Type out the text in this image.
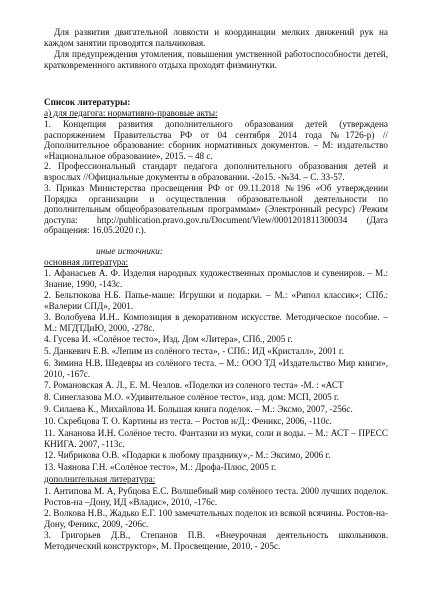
Для развития двигательной ловкости и координации мелких движений рук на каждом занятии проводятся пальчиковая.

Для предупреждения утомления, повышения умственной работоспособности детей, кратковременного активного отдыха проходят физминутки.

Список литературы:

а) для педагога: нормативно-правовые акты:

1. Концепция развития дополнительного образования детей (утверждена распоряжением Правительства РФ от 04 сентября 2014 года №1726-р) // Дополнительное образование: сборник нормативных документов. – М: издательство «Национальное образование», 2015. – 48 с.

2. Профессиональный стандарт педагога дополнительного образования детей и взрослых //Официальные документы в образовании. -2о15. -№34. – С. 33-57.

3. Приказ Министерства просвещения РФ от 09.11.2018 №196 «Об утверждении Порядка организации и осуществления образовательной деятельности по дополнительным общеобразовательным программам» (Электронный ресурс) /Режим доступа: http://publication.pravo.gov.ru/Document/View/0001201811300034 (Дата обращения: 16.05.2020 г.).

иные источники:

основная литература:

1. Афанасьев А. Ф. Изделия народных художественных промыслов и сувениров. – М.: Знание, 1990, -143с.

2. Бельтюкова Н.Б. Папье-маше: Игрушки и подарки. – М.: «Рипол классик»; СПб.: «Валерии СПД», 2001.

3. Волобуева И.Н.. Композиция в декоративном искусстве. Методическое пособие. – М.: МГДТДиЮ, 2000, -278с.

4. Гусева И. «Солёное тесто», Изд. Дом «Литера», СПб., 2005 г.

5. Данкевич Е.В. «Лепим из солёного теста», - СПб.: ИД «Кристалл», 2001 г.

6. Зимина Н.В. Шедевры из солёного теста. – М.: ООО ТД «Издательство Мир книги», 2010, -167с.

7. Романовская А. Л., Е. М. Чезлов. «Поделки из соленого теста» -М. : «АСТ

8. Синеглазова М.О. «Удивительное солёное тесто», изд. дом: МСП, 2005 г.

9. Силаева К., Михайлова И. Большая книга поделок. – М.: Эксмо, 2007, -256с.

10. Скребцова Т. О. Картины из теста. – Ростов н/Д.: Феникс, 2006, -110с.

11. Хананова И.Н. Солёное тесто. Фантазии из муки, соли и воды. – М.: АСТ – ПРЕСС КНИГА. 2007, -113с.

12. Чибрикова О.В. «Подарки к любому празднику»,- М.: Эксимо, 2006 г.

13. Чаянова Г.Н. «Солёное тесто», М.: Дрофа-Плюс, 2005 г.

дополнительная литература:

1. Антипова М. А, Рубцова Е.С. Волшебный мир солёного теста. 2000 лучших поделок. Ростов-на –Дону, ИД «Владис», 2010, -176с.

2. Волкова Н.В., Жадько Е.Г. 100 замечательных поделок из всякой всячины. Ростов-на-Дону, Феникс, 2009, -206с.

3. Григорьев Д.В., Степанов П.В. «Внеурочная деятельность школьников. Методический конструктор», М. Просвещение, 2010, - 205с.
